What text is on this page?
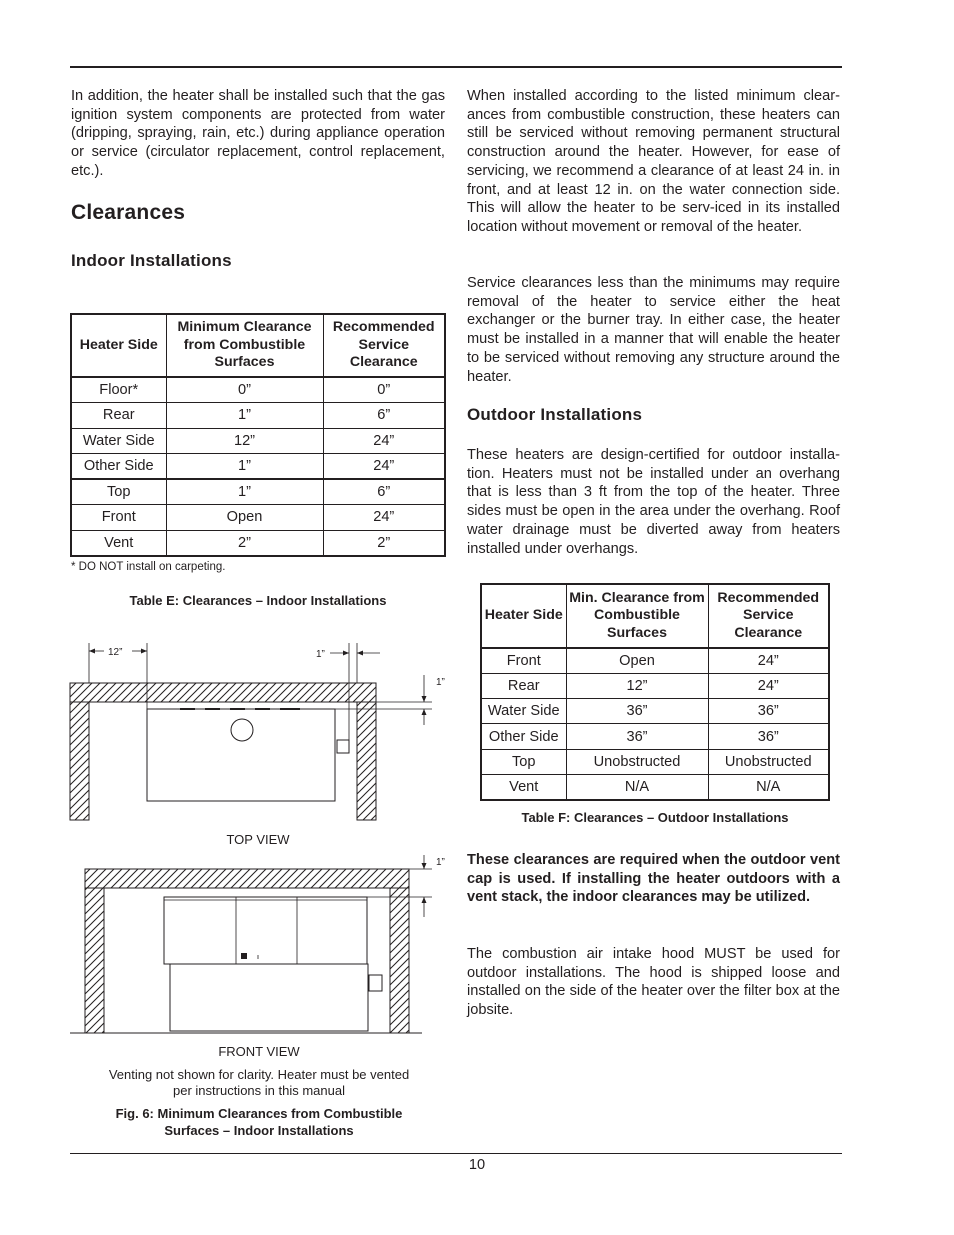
In addition, the heater shall be installed such that the gas ignition system components are protected from water (dripping, spraying, rain, etc.) during appliance operation or service (circulator replacement, control replacement, etc.).

Clearances
Indoor Installations
Heater Side	Minimum Clearance from Combustible Surfaces	Recommended Service Clearance
Floor*	0”	0”
Rear	1”	6”
Water Side	12”	24”
Other Side	1”	24”
Top	1”	6”
Front	Open	24”
Vent	2”	2”
* DO NOT install on carpeting.
Table E: Clearances – Indoor Installations
12”	1”
1”
TOP VIEW
1”
FRONT VIEW
Venting not shown for clarity. Heater must be vented
per instructions in this manual
Fig. 6: Minimum Clearances from Combustible
Surfaces – Indoor Installations

When installed according to the listed minimum clear-ances from combustible construction, these heaters can still be serviced without removing permanent structural construction around the heater. However, for ease of servicing, we recommend a clearance of at least 24 in. in front, and at least 12 in. on the water connection side. This will allow the heater to be serv-iced in its installed location without movement or removal of the heater.

Service clearances less than the minimums may require removal of the heater to service either the heat exchanger or the burner tray. In either case, the heater must be installed in a manner that will enable the heater to be serviced without removing any structure around the heater.

Outdoor Installations

These heaters are design-certified for outdoor installa-tion. Heaters must not be installed under an overhang that is less than 3 ft from the top of the heater. Three sides must be open in the area under the overhang. Roof water drainage must be diverted away from heaters installed under overhangs.

Heater Side	Min. Clearance from Combustible Surfaces	Recommended Service Clearance
Front	Open	24”
Rear	12”	24”
Water Side	36”	36”
Other Side	36”	36”
Top	Unobstructed	Unobstructed
Vent	N/A	N/A
Table F: Clearances – Outdoor Installations

These clearances are required when the outdoor vent cap is used. If installing the heater outdoors with a vent stack, the indoor clearances may be utilized.

The combustion air intake hood MUST be used for outdoor installations. The hood is shipped loose and installed on the side of the heater over the filter box at the jobsite.

10
